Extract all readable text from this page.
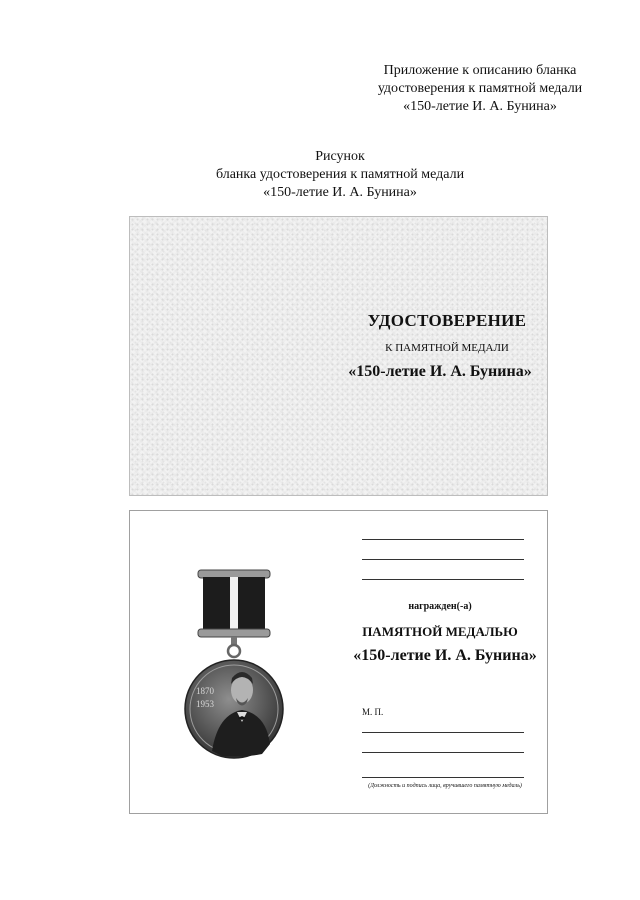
Приложение к описанию бланка
удостоверения к памятной медали
«150-летие И. А. Бунина»
Рисунок
бланка удостоверения к памятной медали
«150-летие И. А. Бунина»
УДОСТОВЕРЕНИЕ
К ПАМЯТНОЙ МЕДАЛИ
«150-летие И. А. Бунина»
1870
1953
награжден(-а)
ПАМЯТНОЙ МЕДАЛЬЮ
«150-летие И. А. Бунина»
М. П.
(Должность и подпись лица, вручившего памятную медаль)
